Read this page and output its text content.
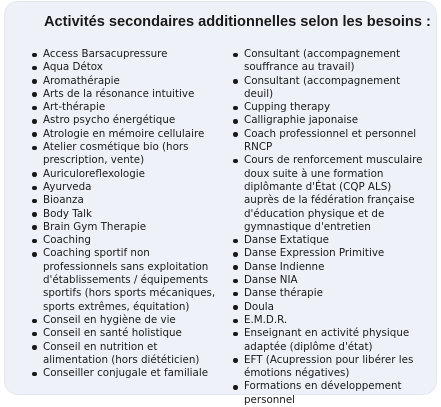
Activités secondaires additionnelles selon les besoins :
Access Barsacupressure
Aqua Détox
Aromathérapie
Arts de la résonance intuitive
Art-thérapie
Astro psycho énergétique
Atrologie en mémoire cellulaire
Atelier cosmétique bio (hors prescription, vente)
Auriculoreflexologie
Ayurveda
Bioanza
Body Talk
Brain Gym Therapie
Coaching
Coaching sportif non professionnels sans exploitation d'établissements / équipements sportifs (hors sports mécaniques, sports extrêmes, équitation)
Conseil en hygiène de vie
Conseil en santé holistique
Conseil en nutrition et alimentation (hors diététicien)
Conseiller conjugale et familiale
Consultant (accompagnement souffrance au travail)
Consultant (accompagnement deuil)
Cupping therapy
Calligraphie japonaise
Coach professionnel et personnel RNCP
Cours de renforcement musculaire doux suite à une formation diplômante d'État (CQP ALS) auprès de la fédération française d'éducation physique et de gymnastique d'entretien
Danse Extatique
Danse Expression Primitive
Danse Indienne
Danse NIA
Danse thérapie
Doula
E.M.D.R.
Enseignant en activité physique adaptée (diplôme d'état)
EFT (Acupression pour libérer les émotions négatives)
Formations en développement personnel
